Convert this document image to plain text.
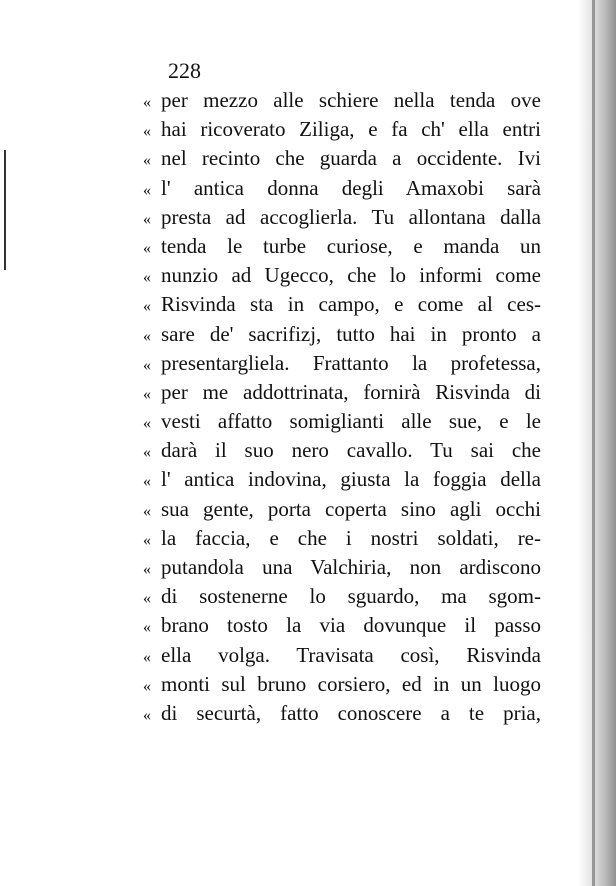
228
« per mezzo alle schiere nella tenda ove
« hai ricoverato Ziliga, e fa ch' ella entri
« nel recinto che guarda a occidente. Ivi
« l' antica donna degli Amaxobi sarà
« presta ad accoglierla. Tu allontana dalla
« tenda le turbe curiose, e manda un
« nunzio ad Ugecco, che lo informi come
« Risvinda sta in campo, e come al ces-
« sare de' sacrifizj, tutto hai in pronto a
« presentargliela. Frattanto la profetessa,
« per me addottrinata, fornirà Risvinda di
« vesti affatto somiglianti alle sue, e le
« darà il suo nero cavallo. Tu sai che
« l' antica indovina, giusta la foggia della
« sua gente, porta coperta sino agli occhi
« la faccia, e che i nostri soldati, re-
« putandola una Valchiria, non ardiscono
« di sostenerne lo sguardo, ma sgom-
« brano tosto la via dovunque il passo
« ella volga. Travisata così, Risvinda
« monti sul bruno corsiero, ed in un luogo
« di securtà, fatto conoscere a te pria,
